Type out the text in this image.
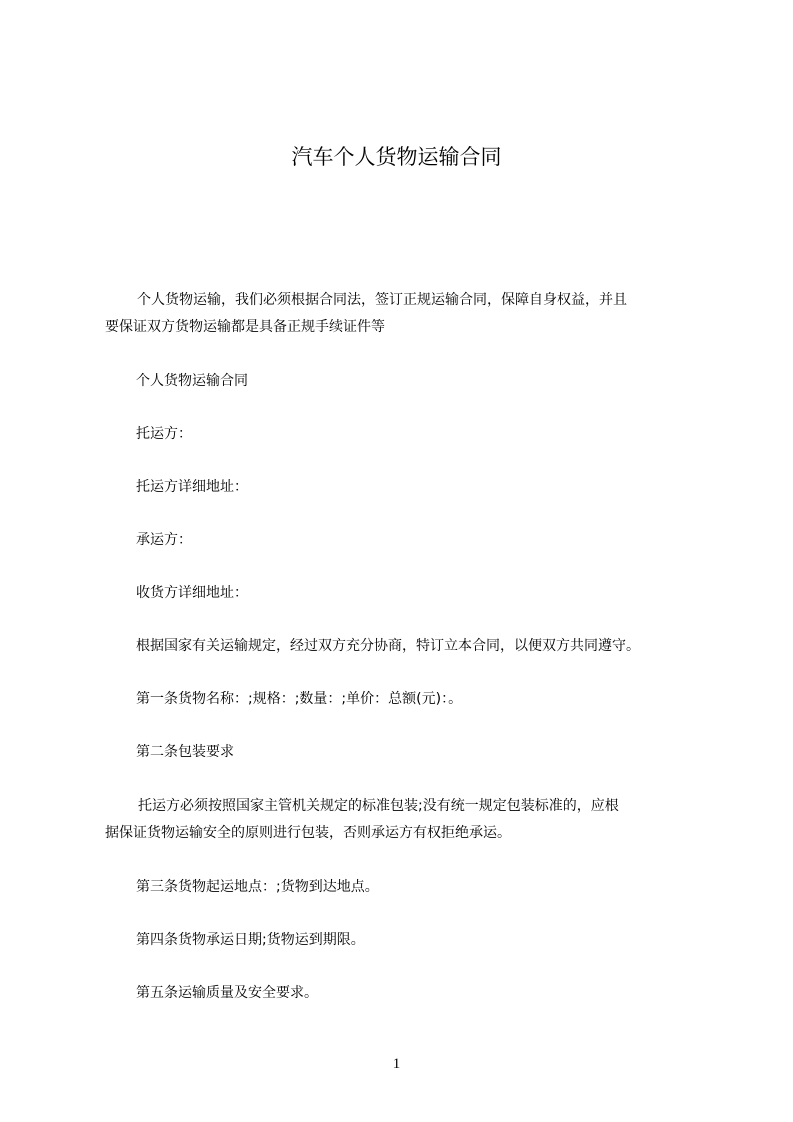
汽车个人货物运输合同

个人货物运输，我们必须根据合同法，签订正规运输合同，保障自身权益，并且
要保证双方货物运输都是具备正规手续证件等

个人货物运输合同

托运方：

托运方详细地址：

承运方：

收货方详细地址：

根据国家有关运输规定，经过双方充分协商，特订立本合同，以便双方共同遵守。

第一条货物名称：;规格：;数量：;单价：总额(元)：。

第二条包装要求

托运方必须按照国家主管机关规定的标准包装;没有统一规定包装标准的，应根
据保证货物运输安全的原则进行包装，否则承运方有权拒绝承运。

第三条货物起运地点：;货物到达地点。

第四条货物承运日期;货物运到期限。

第五条运输质量及安全要求。

1
